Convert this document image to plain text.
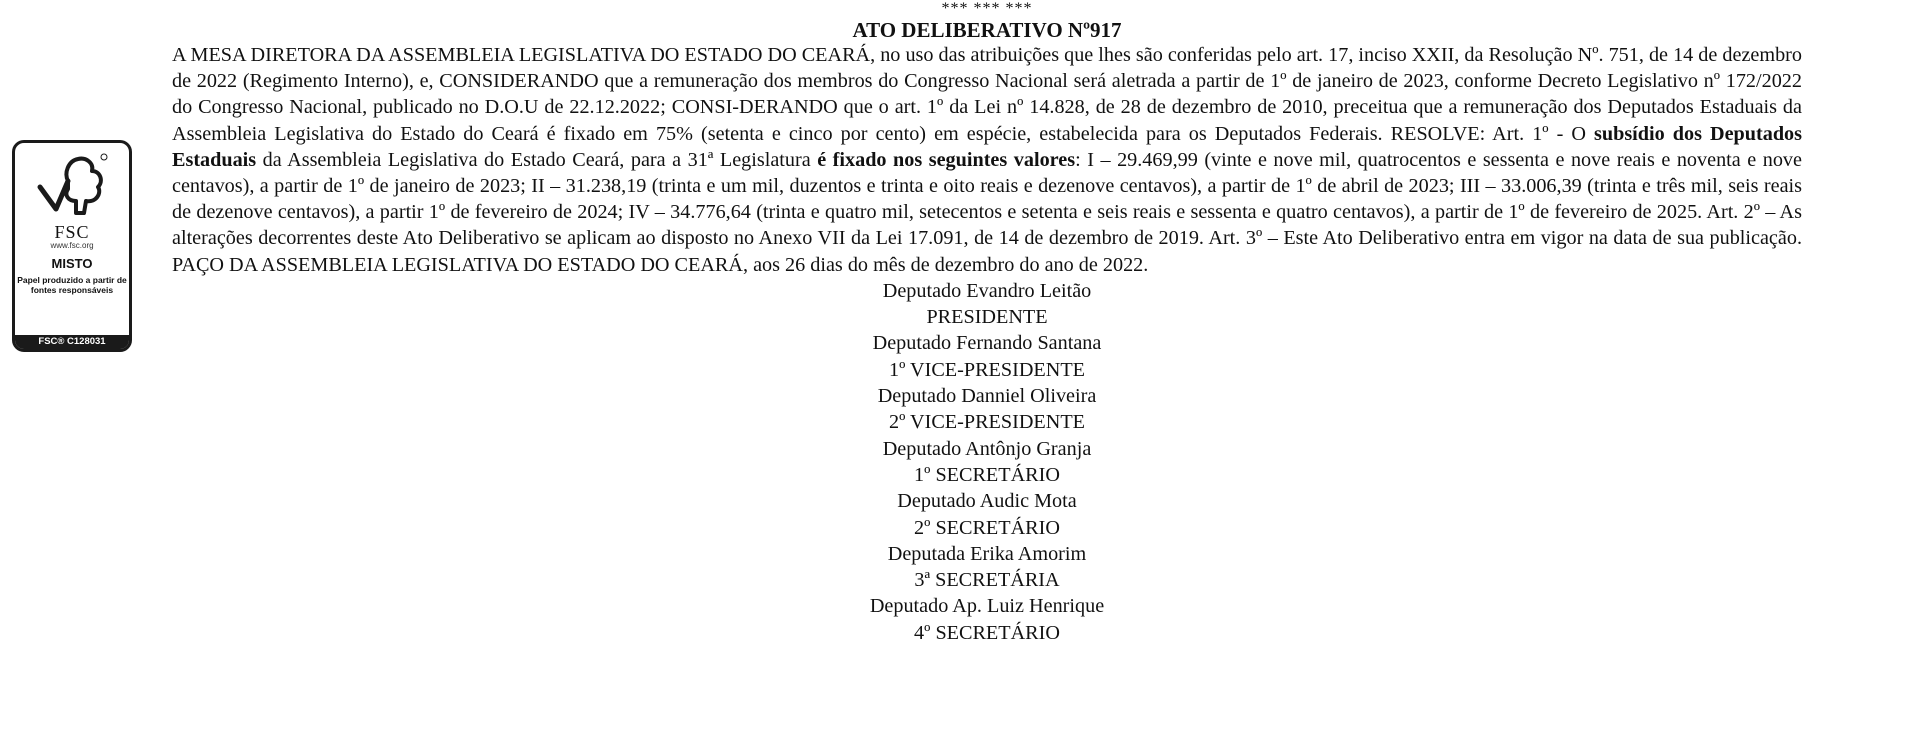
FSC
www.fsc.org
MISTO
Papel produzido a partir de fontes responsáveis
FSC® C128031
*** *** ***
ATO DELIBERATIVO Nº917

A MESA DIRETORA DA ASSEMBLEIA LEGISLATIVA DO ESTADO DO CEARÁ, no uso das atribuições que lhes são conferidas pelo art. 17, inciso XXII, da Resolução Nº. 751, de 14 de dezembro de 2022 (Regimento Interno), e, CONSIDERANDO que a remuneração dos membros do Congresso Nacional será aletrada a partir de 1º de janeiro de 2023, conforme Decreto Legislativo nº 172/2022 do Congresso Nacional, publicado no D.O.U de 22.12.2022; CONSI-DERANDO que o art. 1º da Lei nº 14.828, de 28 de dezembro de 2010, preceitua que a remuneração dos Deputados Estaduais da Assembleia Legislativa do Estado do Ceará é fixado em 75% (setenta e cinco por cento) em espécie, estabelecida para os Deputados Federais. RESOLVE: Art. 1º - O subsídio dos Deputados Estaduais da Assembleia Legislativa do Estado Ceará, para a 31ª Legislatura é fixado nos seguintes valores: I – 29.469,99 (vinte e nove mil, quatrocentos e sessenta e nove reais e noventa e nove centavos), a partir de 1º de janeiro de 2023; II – 31.238,19 (trinta e um mil, duzentos e trinta e oito reais e dezenove centavos), a partir de 1º de abril de 2023; III – 33.006,39 (trinta e três mil, seis reais de dezenove centavos), a partir 1º de fevereiro de 2024; IV – 34.776,64 (trinta e quatro mil, setecentos e setenta e seis reais e sessenta e quatro centavos), a partir de 1º de fevereiro de 2025. Art. 2º – As alterações decorrentes deste Ato Deliberativo se aplicam ao disposto no Anexo VII da Lei 17.091, de 14 de dezembro de 2019. Art. 3º – Este Ato Deliberativo entra em vigor na data de sua publicação. PAÇO DA ASSEMBLEIA LEGISLATIVA DO ESTADO DO CEARÁ, aos 26 dias do mês de dezembro do ano de 2022.

Deputado Evandro Leitão
PRESIDENTE
Deputado Fernando Santana
1º VICE-PRESIDENTE
Deputado Danniel Oliveira
2º VICE-PRESIDENTE
Deputado Antônjo Granja
1º SECRETÁRIO
Deputado Audic Mota
2º SECRETÁRIO
Deputada Erika Amorim
3ª SECRETÁRIA
Deputado Ap. Luiz Henrique
4º SECRETÁRIO
